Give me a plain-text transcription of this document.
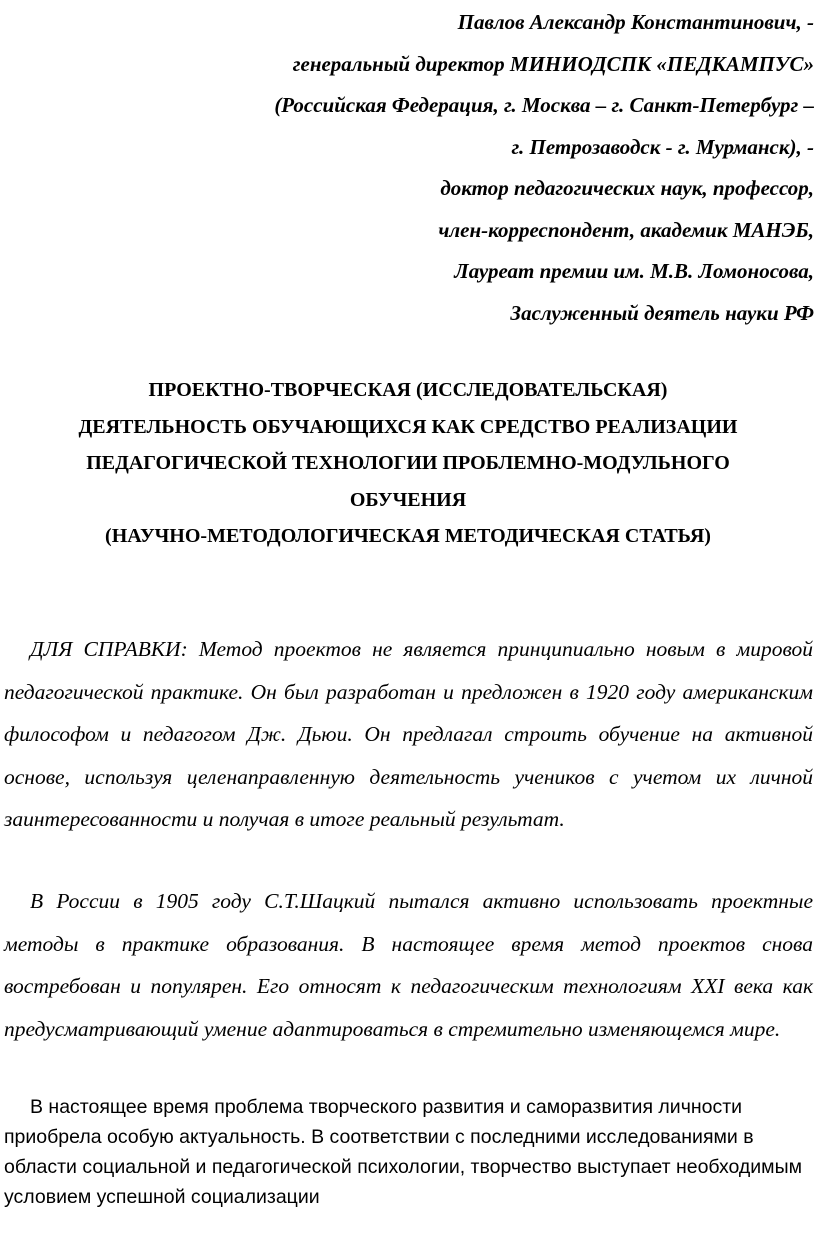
Павлов Александр Константинович, -
генеральный директор МИНИОДСПК «ПЕДКАМПУС»
(Российская Федерация, г. Москва – г. Санкт-Петербург –
г. Петрозаводск - г. Мурманск), -
доктор педагогических наук, профессор,
член-корреспондент, академик МАНЭБ,
Лауреат премии им. М.В. Ломоносова,
Заслуженный деятель науки РФ
ПРОЕКТНО-ТВОРЧЕСКАЯ (ИССЛЕДОВАТЕЛЬСКАЯ)
ДЕЯТЕЛЬНОСТЬ ОБУЧАЮЩИХСЯ КАК СРЕДСТВО РЕАЛИЗАЦИИ
ПЕДАГОГИЧЕСКОЙ ТЕХНОЛОГИИ ПРОБЛЕМНО-МОДУЛЬНОГО
ОБУЧЕНИЯ
(НАУЧНО-МЕТОДОЛОГИЧЕСКАЯ МЕТОДИЧЕСКАЯ СТАТЬЯ)

ДЛЯ СПРАВКИ: Метод проектов не является принципиально новым в мировой педагогической практике. Он был разработан и предложен в 1920 году американским философом и педагогом Дж. Дьюи. Он предлагал строить обучение на активной основе, используя целенаправленную деятельность учеников с учетом их личной заинтересованности и получая в итоге реальный результат.

В России в 1905 году С.Т.Шацкий пытался активно использовать проектные методы в практике образования. В настоящее время метод проектов снова востребован и популярен. Его относят к педагогическим технологиям XXI века как предусматривающий умение адаптироваться в стремительно изменяющемся мире.

В настоящее время проблема творческого развития и саморазвития личности приобрела особую актуальность. В соответствии с последними исследованиями в области социальной и педагогической психологии, творчество выступает необходимым условием успешной социализации
